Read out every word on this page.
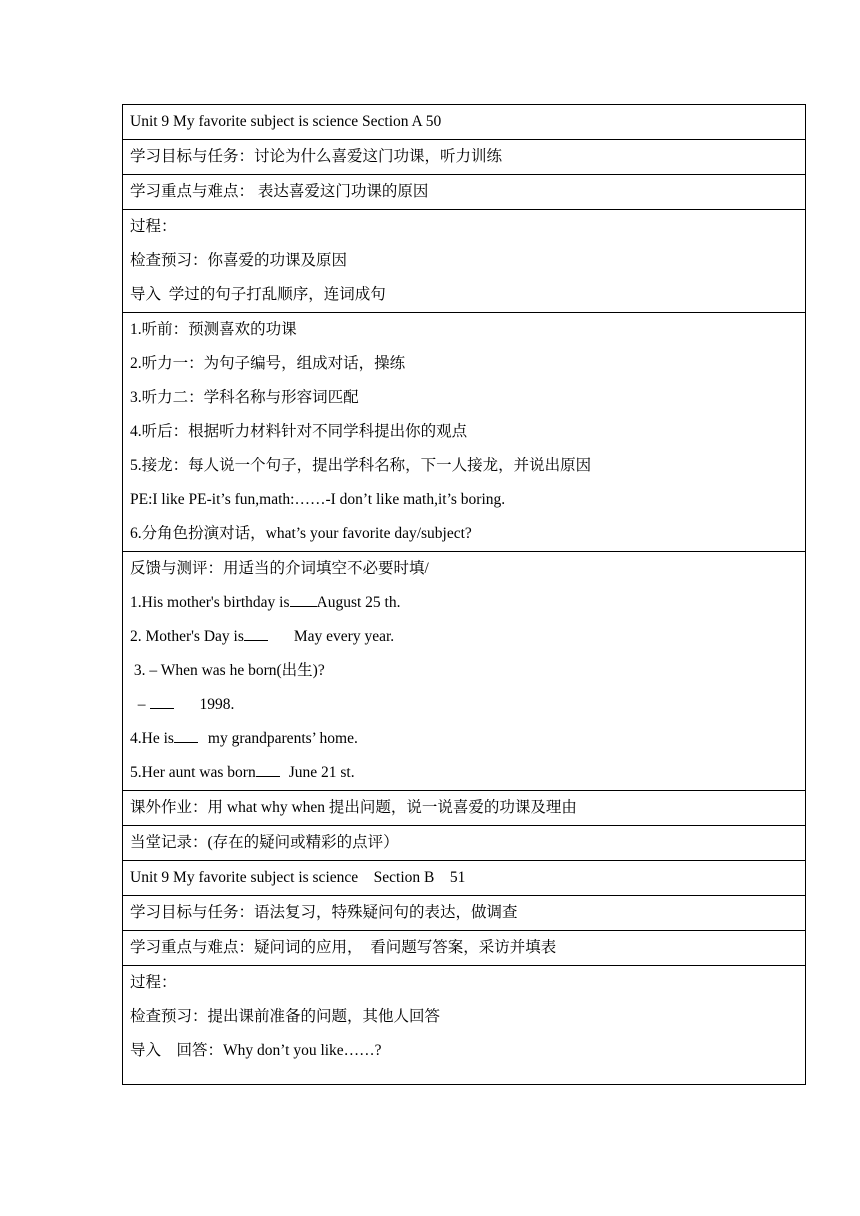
Unit 9 My favorite subject is science Section A 50
学习目标与任务：讨论为什么喜爱这门功课，听力训练
学习重点与难点： 表达喜爱这门功课的原因

过程：
检查预习：你喜爱的功课及原因
导入  学过的句子打乱顺序，连词成句

1.听前：预测喜欢的功课
2.听力一：为句子编号，组成对话，操练
3.听力二：学科名称与形容词匹配
4.听后：根据听力材料针对不同学科提出你的观点
5.接龙：每人说一个句子，提出学科名称，下一人接龙，并说出原因
PE:I like PE-it’s fun,math:……-I don’t like math,it’s boring.
6.分角色扮演对话，what’s your favorite day/subject?

反馈与测评：用适当的介词填空不必要时填/
1.His mother's birthday is August 25 th.
2. Mother's Day is	May every year.
3. – When was he born(出生)?
–	1998.
4.He is my grandparents’ home.
5.Her aunt was born June 21 st.

课外作业：用 what why when 提出问题，说一说喜爱的功课及理由
当堂记录：(存在的疑问或精彩的点评）
Unit 9 My favorite subject is science    Section B    51
学习目标与任务：语法复习，特殊疑问句的表达，做调查
学习重点与难点：疑问词的应用，  看问题写答案，采访并填表

过程：
检查预习：提出课前准备的问题，其他人回答
导入    回答：Why don’t you like……?
